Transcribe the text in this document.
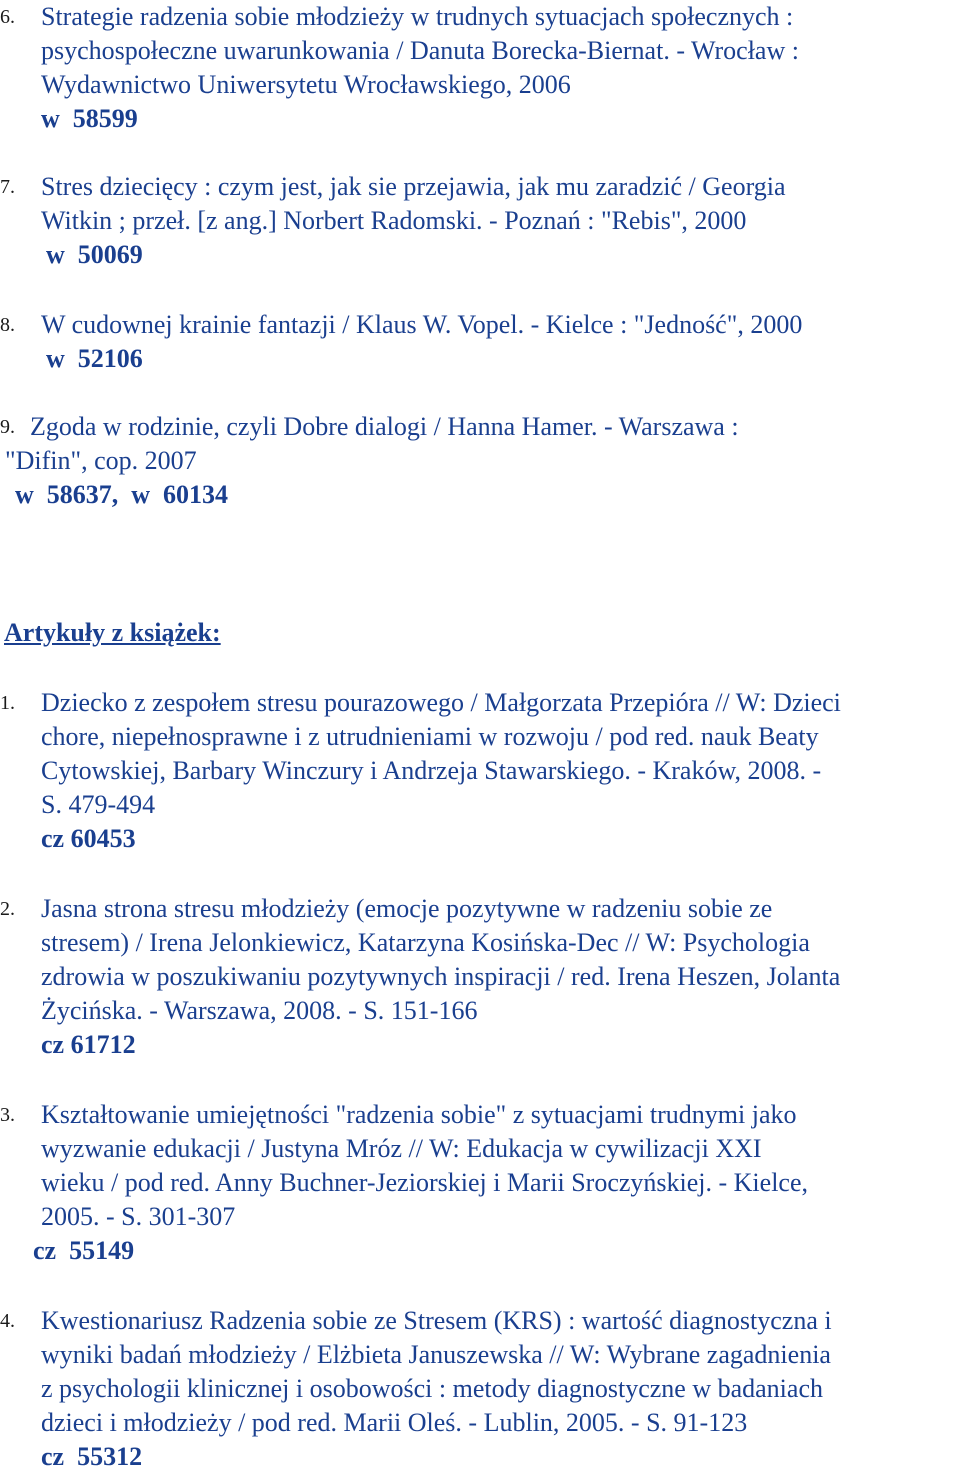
6. Strategie radzenia sobie młodzieży w trudnych sytuacjach społecznych :
psychospołeczne uwarunkowania / Danuta Borecka-Biernat. - Wrocław :
Wydawnictwo Uniwersytetu Wrocławskiego, 2006
w  58599
7. Stres dziecięcy : czym jest, jak sie przejawia, jak mu zaradzić / Georgia
Witkin ; przeł. [z ang.] Norbert Radomski. - Poznań : "Rebis", 2000
w  50069
8. W cudownej krainie fantazji / Klaus W. Vopel. - Kielce : "Jedność", 2000
w  52106
9. Zgoda w rodzinie, czyli Dobre dialogi / Hanna Hamer. - Warszawa :
"Difin", cop. 2007
w  58637,  w  60134
Artykuły z książek:
1. Dziecko z zespołem stresu pourazowego / Małgorzata Przepióra // W: Dzieci
chore, niepełnosprawne i z utrudnieniami w rozwoju / pod red. nauk Beaty
Cytowskiej, Barbary Winczury i Andrzeja Stawarskiego. - Kraków, 2008. -
S. 479-494
cz 60453
2. Jasna strona stresu młodzieży (emocje pozytywne w radzeniu sobie ze
stresem) / Irena Jelonkiewicz, Katarzyna Kosińska-Dec // W: Psychologia
zdrowia w poszukiwaniu pozytywnych inspiracji / red. Irena Heszen, Jolanta
Życińska. - Warszawa, 2008. - S. 151-166
cz 61712
3. Kształtowanie umiejętności "radzenia sobie" z sytuacjami trudnymi jako
wyzwanie edukacji / Justyna Mróz // W: Edukacja w cywilizacji XXI
wieku / pod red. Anny Buchner-Jeziorskiej i Marii Sroczyńskiej. - Kielce,
2005. - S. 301-307
cz  55149
4. Kwestionariusz Radzenia sobie ze Stresem (KRS) : wartość diagnostyczna i
wyniki badań młodzieży / Elżbieta Januszewska // W: Wybrane zagadnienia
z psychologii klinicznej i osobowości : metody diagnostyczne w badaniach
dzieci i młodzieży / pod red. Marii Oleś. - Lublin, 2005. - S. 91-123
cz  55312
